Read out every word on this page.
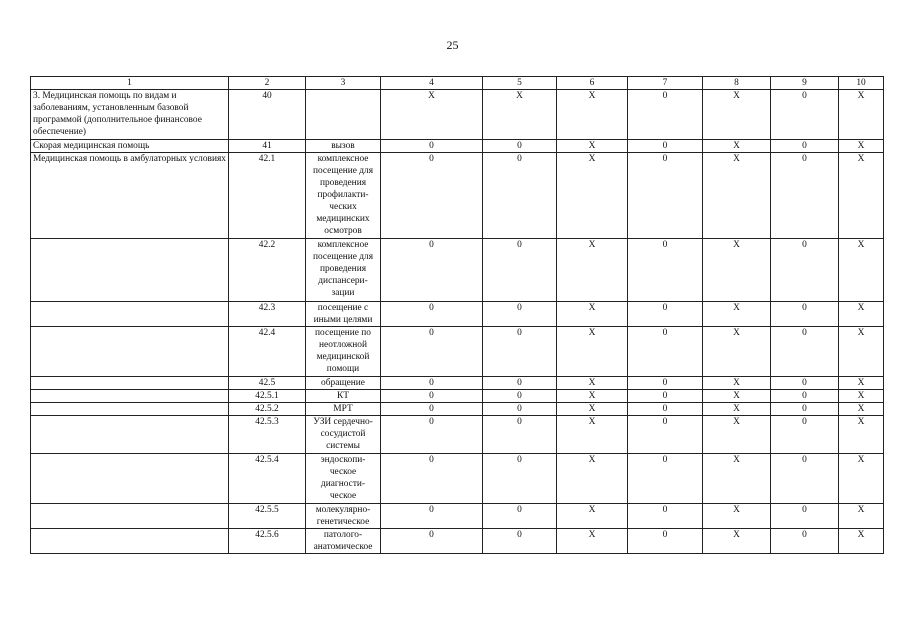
25
1	2	3	4	5	6	7	8	9	10
3. Медицинская помощь по видам и заболеваниям, установленным базовой программой (дополнительное финансовое обеспечение)	40		X	X	X	0	X	0	X
Скорая медицинская помощь	41	вызов	0	0	X	0	X	0	X
Медицинская помощь в амбулаторных условиях	42.1	комплексное посещение для проведения профилакти-ческих медицинских осмотров	0	0	X	0	X	0	X
	42.2	комплексное посещение для проведения диспансери-зации	0	0	X	0	X	0	X
	42.3	посещение с иными целями	0	0	X	0	X	0	X
	42.4	посещение по неотложной медицинской помощи	0	0	X	0	X	0	X
	42.5	обращение	0	0	X	0	X	0	X
	42.5.1	КТ	0	0	X	0	X	0	X
	42.5.2	МРТ	0	0	X	0	X	0	X
	42.5.3	УЗИ сердечно-сосудистой системы	0	0	X	0	X	0	X
	42.5.4	эндоскопи-ческое диагности-ческое	0	0	X	0	X	0	X
	42.5.5	молекулярно-генетическое	0	0	X	0	X	0	X
	42.5.6	патолого-анатомическое	0	0	X	0	X	0	X
